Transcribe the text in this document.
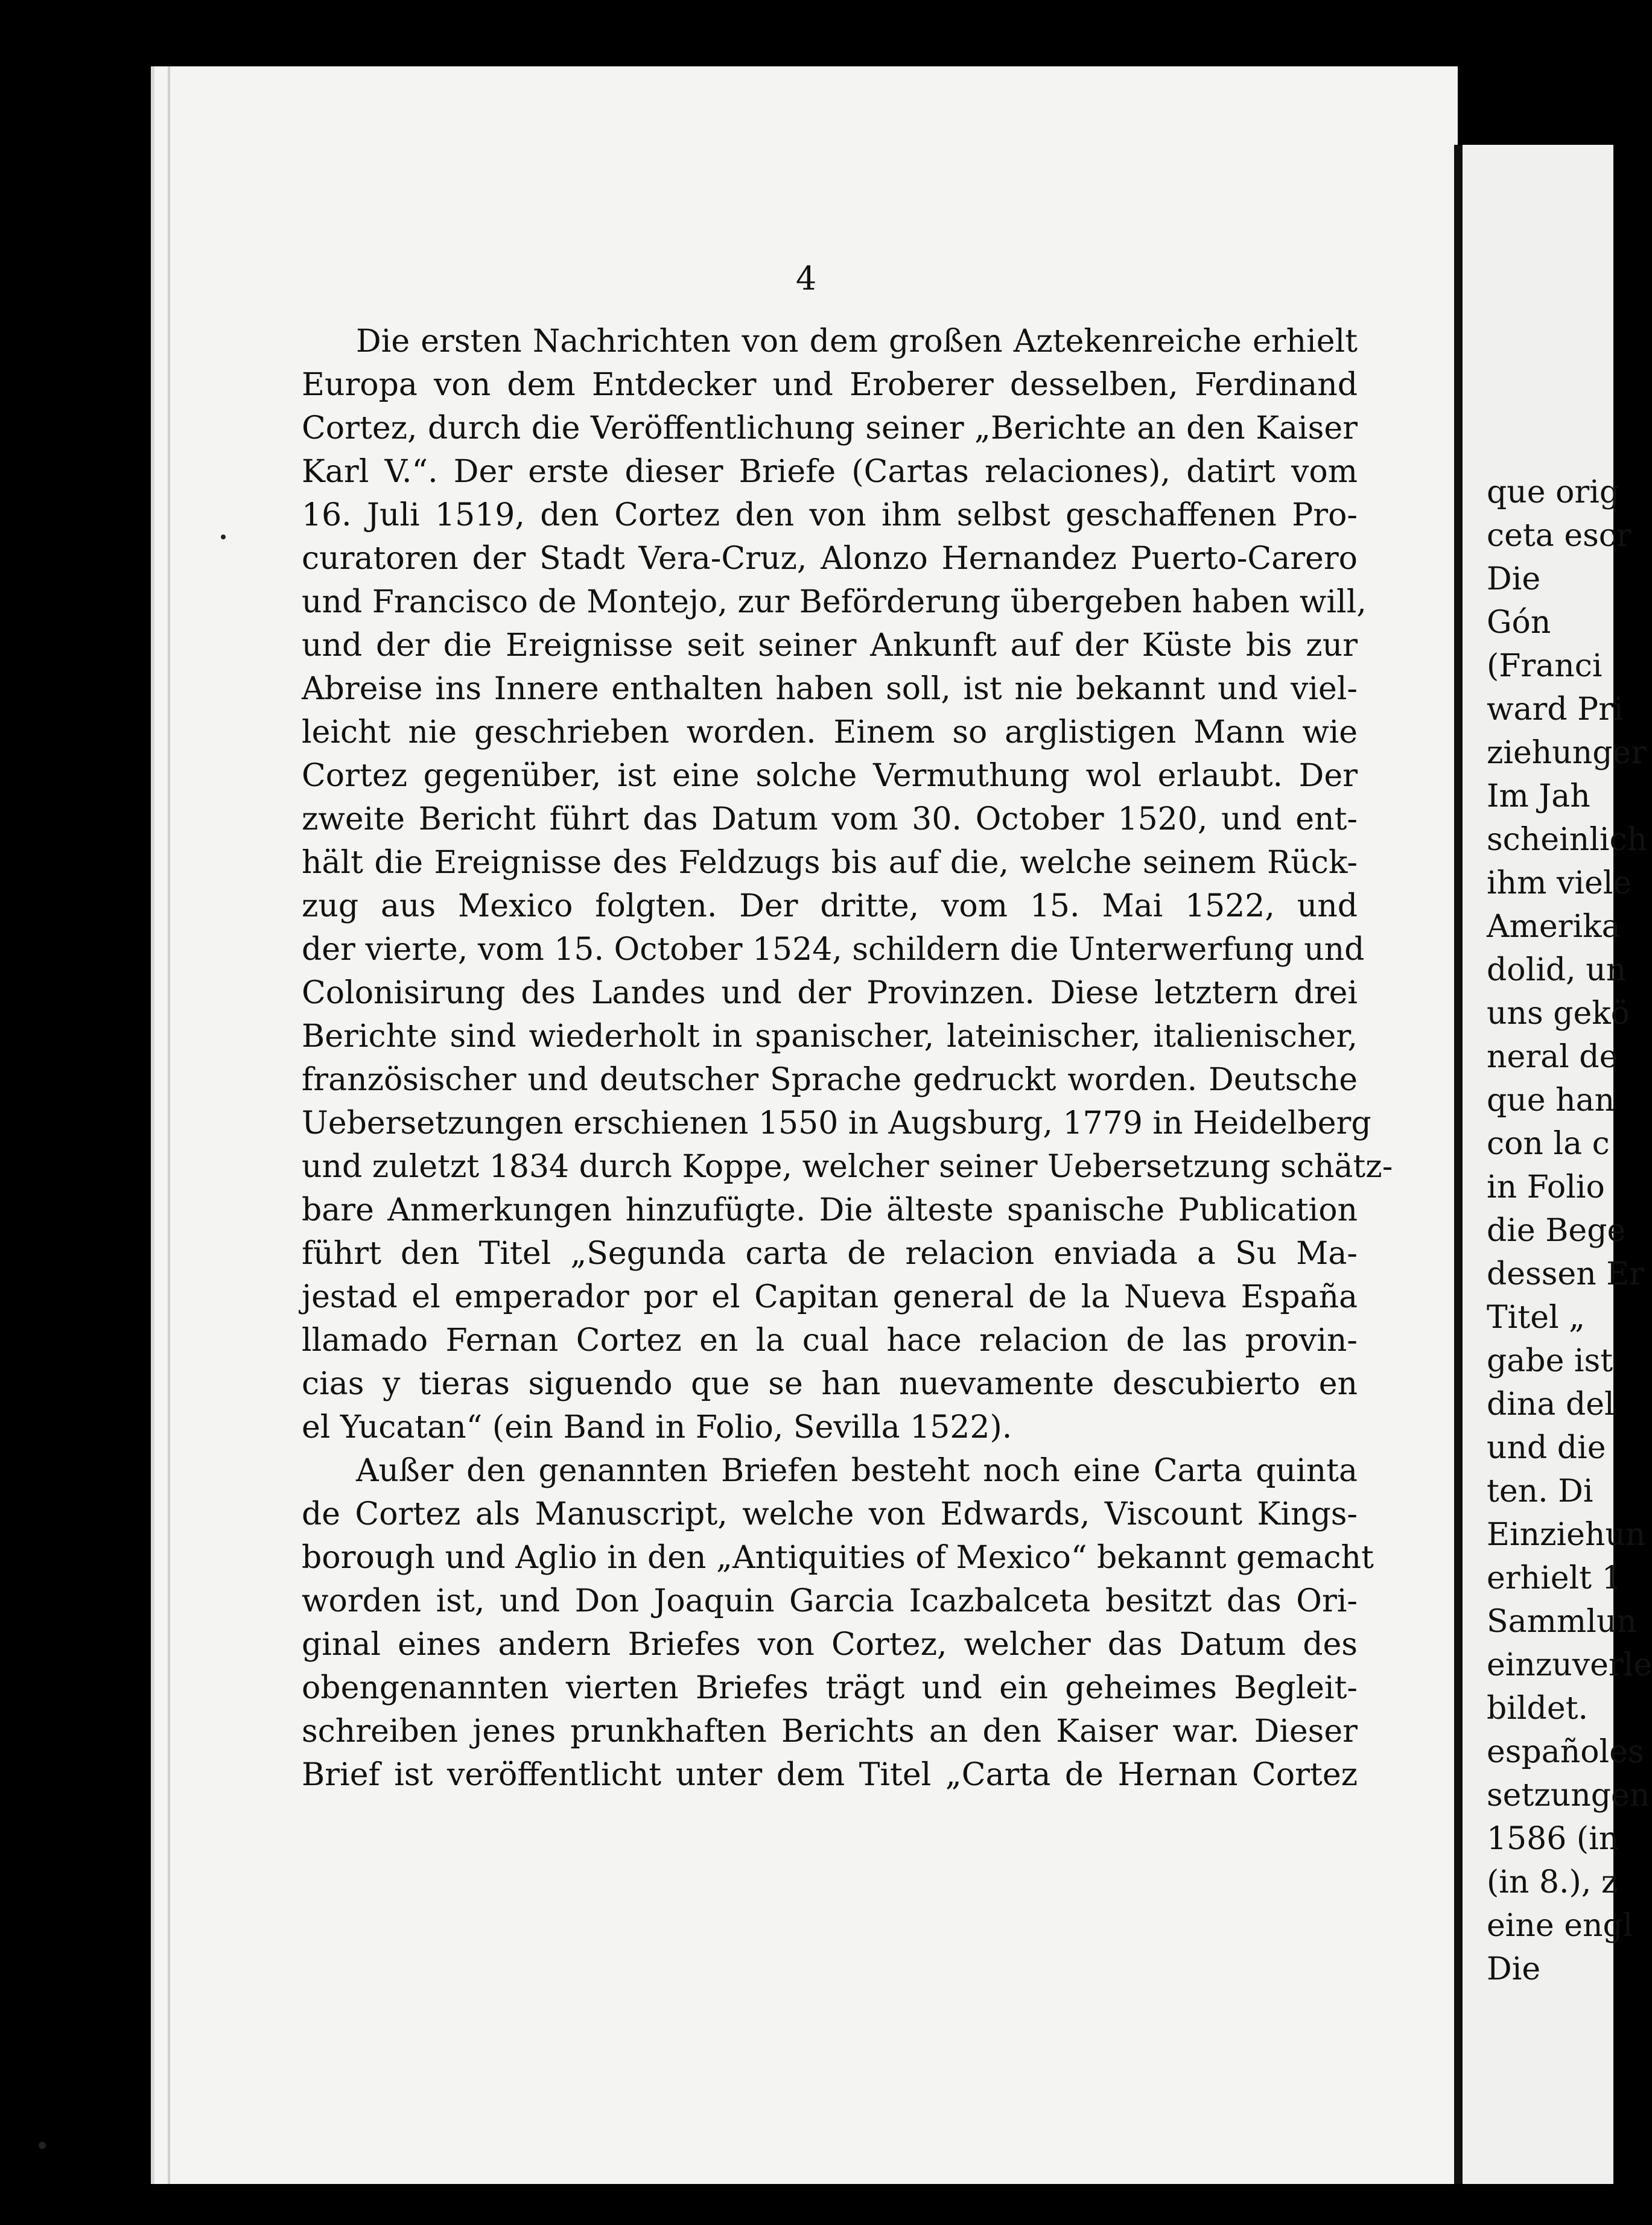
4
Die ersten Nachrichten von dem großen Aztekenreiche erhielt
Europa von dem Entdecker und Eroberer desselben, Ferdinand
Cortez, durch die Veröffentlichung seiner „Berichte an den Kaiser
Karl V.“. Der erste dieser Briefe (Cartas relaciones), datirt vom
16. Juli 1519, den Cortez den von ihm selbst geschaffenen Pro-
curatoren der Stadt Vera-Cruz, Alonzo Hernandez Puerto-Carero
und Francisco de Montejo, zur Beförderung übergeben haben will,
und der die Ereignisse seit seiner Ankunft auf der Küste bis zur
Abreise ins Innere enthalten haben soll, ist nie bekannt und viel-
leicht nie geschrieben worden. Einem so arglistigen Mann wie
Cortez gegenüber, ist eine solche Vermuthung wol erlaubt. Der
zweite Bericht führt das Datum vom 30. October 1520, und ent-
hält die Ereignisse des Feldzugs bis auf die, welche seinem Rück-
zug aus Mexico folgten. Der dritte, vom 15. Mai 1522, und
der vierte, vom 15. October 1524, schildern die Unterwerfung und
Colonisirung des Landes und der Provinzen. Diese letztern drei
Berichte sind wiederholt in spanischer, lateinischer, italienischer,
französischer und deutscher Sprache gedruckt worden. Deutsche
Uebersetzungen erschienen 1550 in Augsburg, 1779 in Heidelberg
und zuletzt 1834 durch Koppe, welcher seiner Uebersetzung schätz-
bare Anmerkungen hinzufügte. Die älteste spanische Publication
führt den Titel „Segunda carta de relacion enviada a Su Ma-
jestad el emperador por el Capitan general de la Nueva España
llamado Fernan Cortez en la cual hace relacion de las provin-
cias y tieras siguendo que se han nuevamente descubierto en
el Yucatan“ (ein Band in Folio, Sevilla 1522).
Außer den genannten Briefen besteht noch eine Carta quinta
de Cortez als Manuscript, welche von Edwards, Viscount Kings-
borough und Aglio in den „Antiquities of Mexico“ bekannt gemacht
worden ist, und Don Joaquin Garcia Icazbalceta besitzt das Ori-
ginal eines andern Briefes von Cortez, welcher das Datum des
obengenannten vierten Briefes trägt und ein geheimes Begleit-
schreiben jenes prunkhaften Berichts an den Kaiser war. Dieser
Brief ist veröffentlicht unter dem Titel „Carta de Hernan Cortez
que orig
ceta escr
Die
Gón
(Franci
ward Pri
ziehunger
Im Jah
scheinlich
ihm viele
Amerika
dolid, un
uns gekö
neral de
que han
con la c
in Folio
die Bege
dessen Er
Titel „
gabe ist
dina del
und die
ten. Di
Einziehun
erhielt 1
Sammlun
einzuverle
bildet.
españoles
setzungen
1586 (in
(in 8.), z
eine engl
Die
